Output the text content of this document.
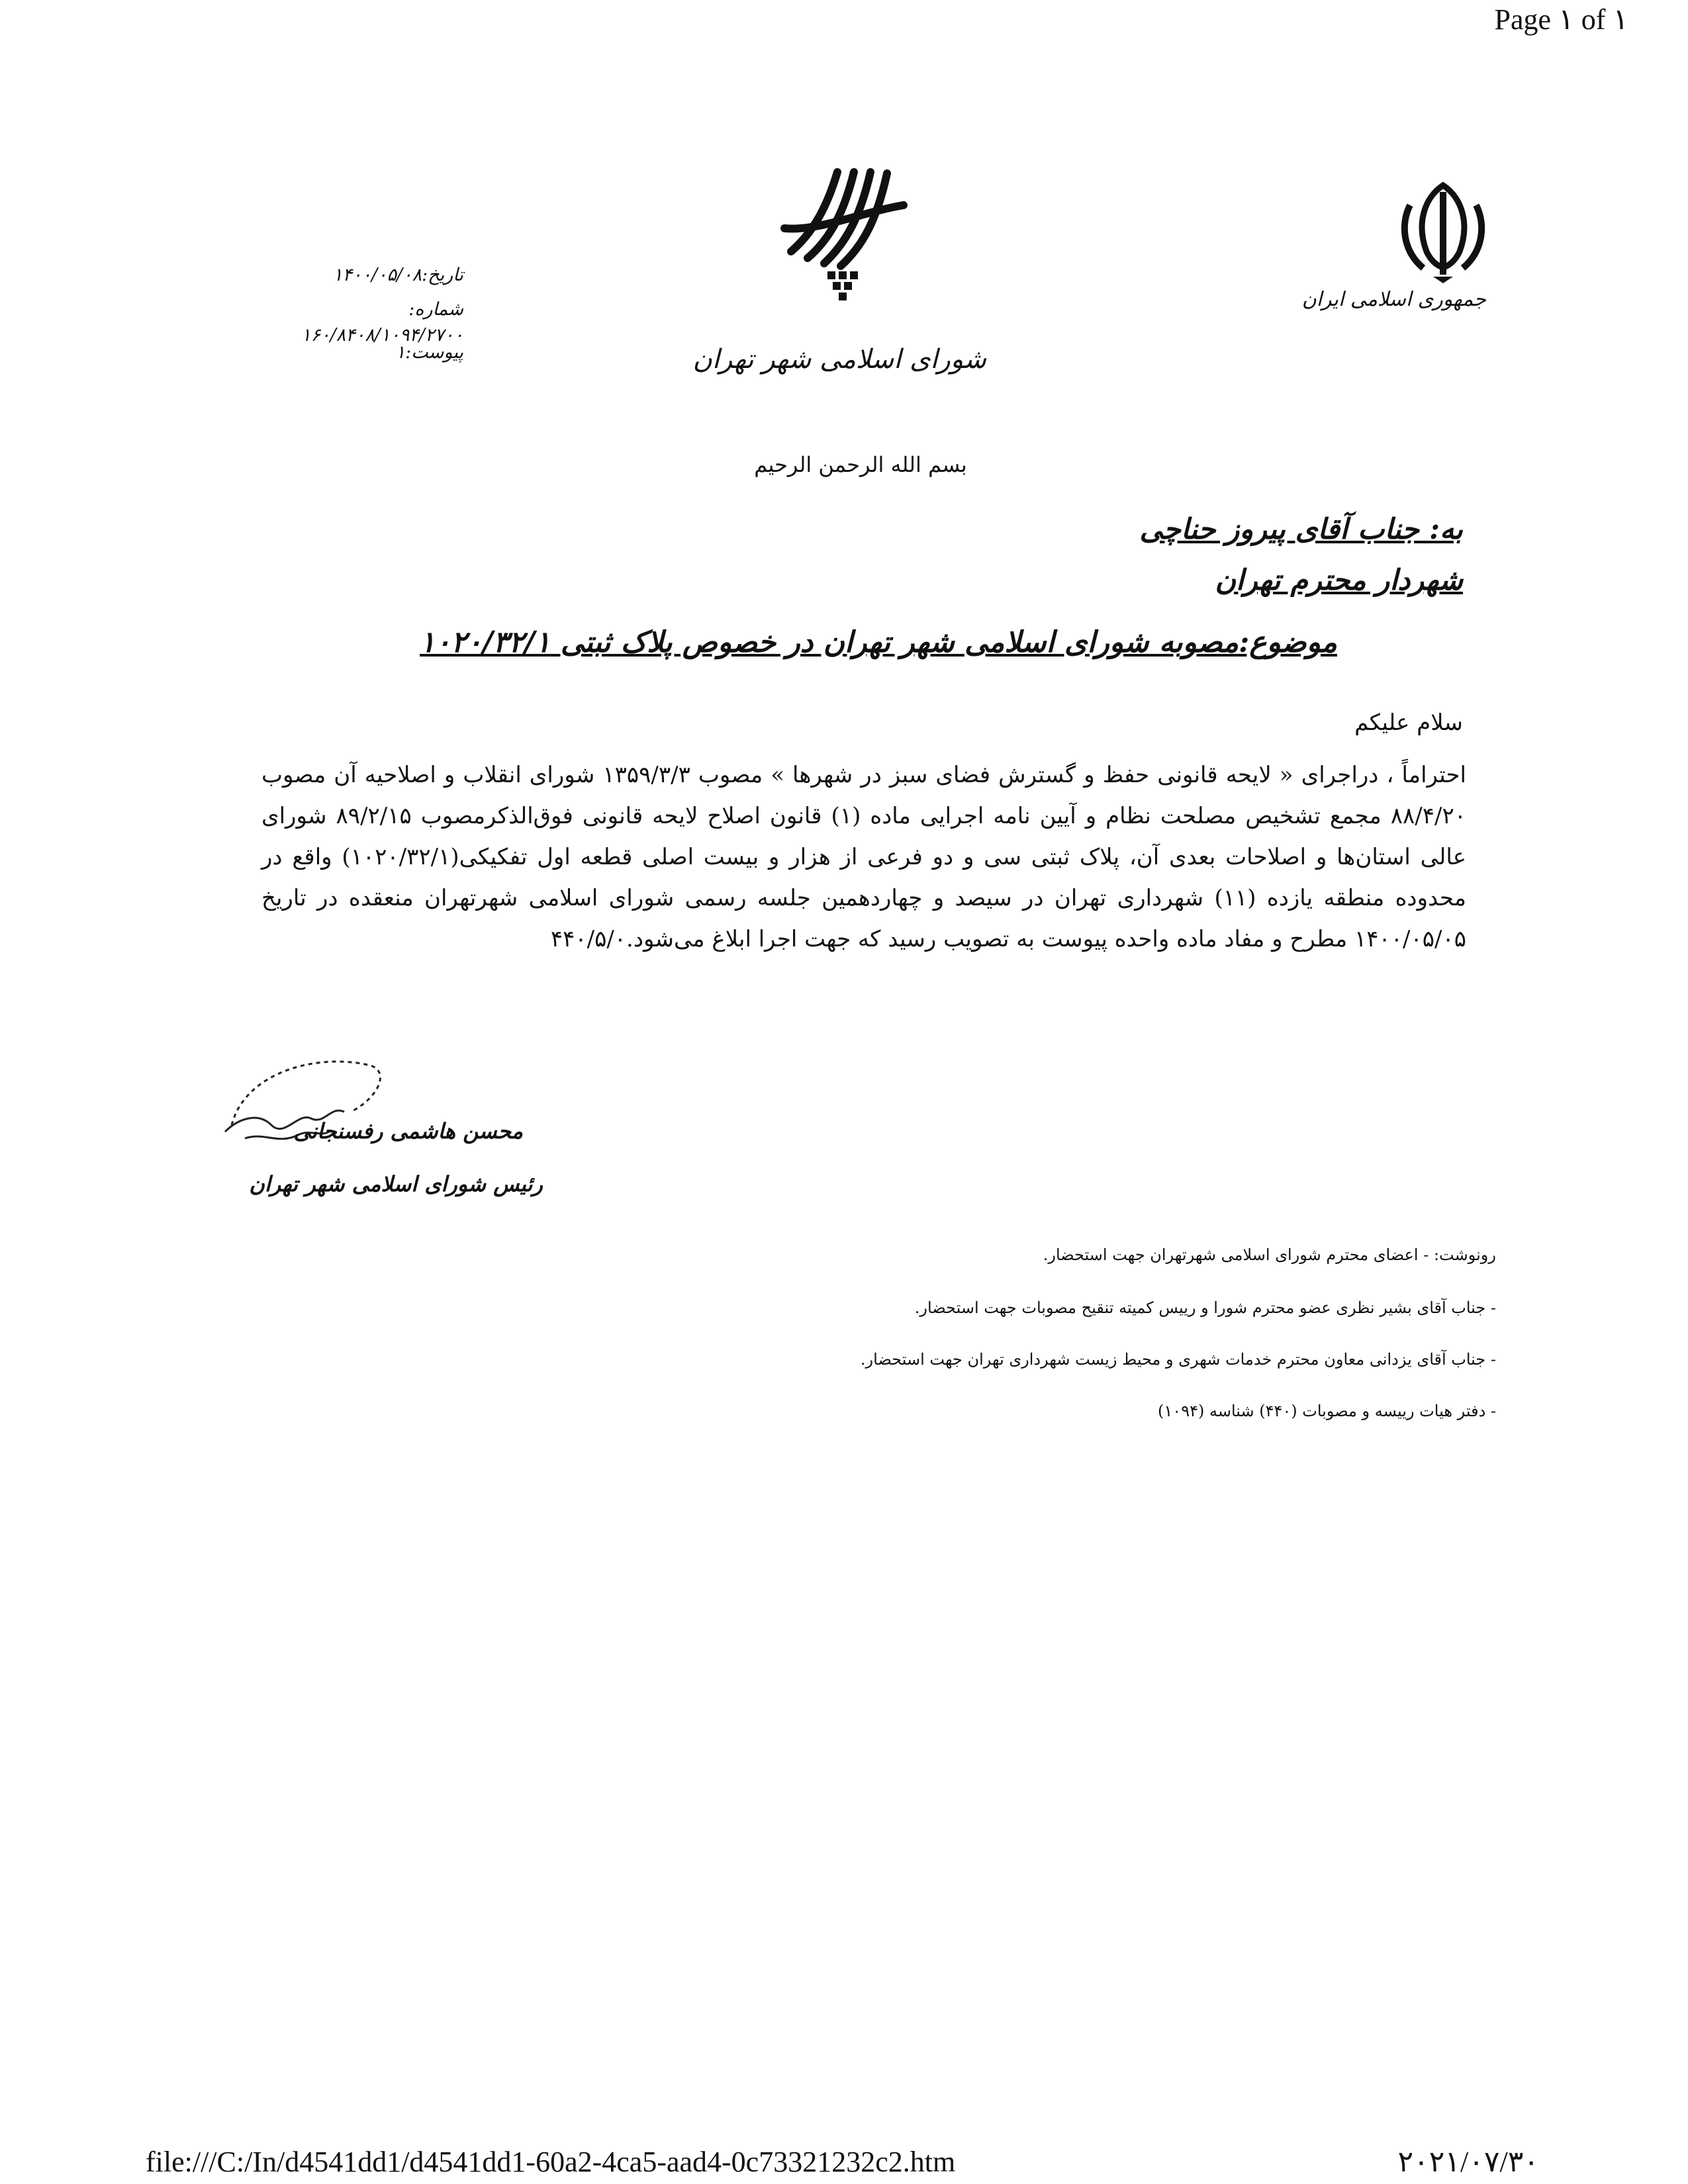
Page ۱ of ۱
جمهوری اسلامی ایران
شورای اسلامی شهر تهران
تاریخ:۱۴۰۰/۰۵/۰۸
شماره:
۱۶۰/۸۴۰۸/۱۰۹۴/۲۷۰۰
پیوست:۱
بسم الله الرحمن الرحیم
به: جناب آقای پیروز حناچی
شهردار محترم تهران
موضوع:مصوبه شورای اسلامی شهر تهران در خصوص پلاک ثبتی ۱۰۲۰/۳۲/۱
سلام علیکم
احتراماً ، دراجرای « لایحه قانونی حفظ و گسترش فضای سبز در شهرها » مصوب ۱۳۵۹/۳/۳ شورای انقلاب و اصلاحیه آن مصوب ۸۸/۴/۲۰ مجمع تشخیص مصلحت نظام و آیین نامه اجرایی ماده (۱) قانون اصلاح لایحه قانونی فوق‌الذکرمصوب ۸۹/۲/۱۵ شورای عالی استان‌ها و اصلاحات بعدی آن، پلاک ثبتی سی و دو فرعی از هزار و بیست اصلی قطعه اول تفکیکی(۱۰۲۰/۳۲/۱) واقع در محدوده منطقه یازده (۱۱) شهرداری تهران در سیصد و چهاردهمین جلسه رسمی شورای اسلامی شهرتهران منعقده در تاریخ ۱۴۰۰/۰۵/۰۵ مطرح و مفاد ماده واحده پیوست به تصویب رسید که جهت اجرا ابلاغ می‌شود.۴۴۰/۵/۰
محسن هاشمی رفسنجانی
رئیس شورای اسلامی شهر تهران
رونوشت: - اعضای محترم شورای اسلامی شهرتهران جهت استحضار.
- جناب آقای بشیر نظری عضو محترم شورا و رییس کمیته تنقیح مصوبات جهت استحضار.
- جناب آقای یزدانی معاون محترم خدمات شهری و محیط زیست شهرداری تهران جهت استحضار.
- دفتر هیات رییسه و مصوبات (۴۴۰) شناسه (۱۰۹۴)
file:///C:/In/d4541dd1/d4541dd1-60a2-4ca5-aad4-0c73321232c2.htm	۲۰۲۱/۰۷/۳۰
